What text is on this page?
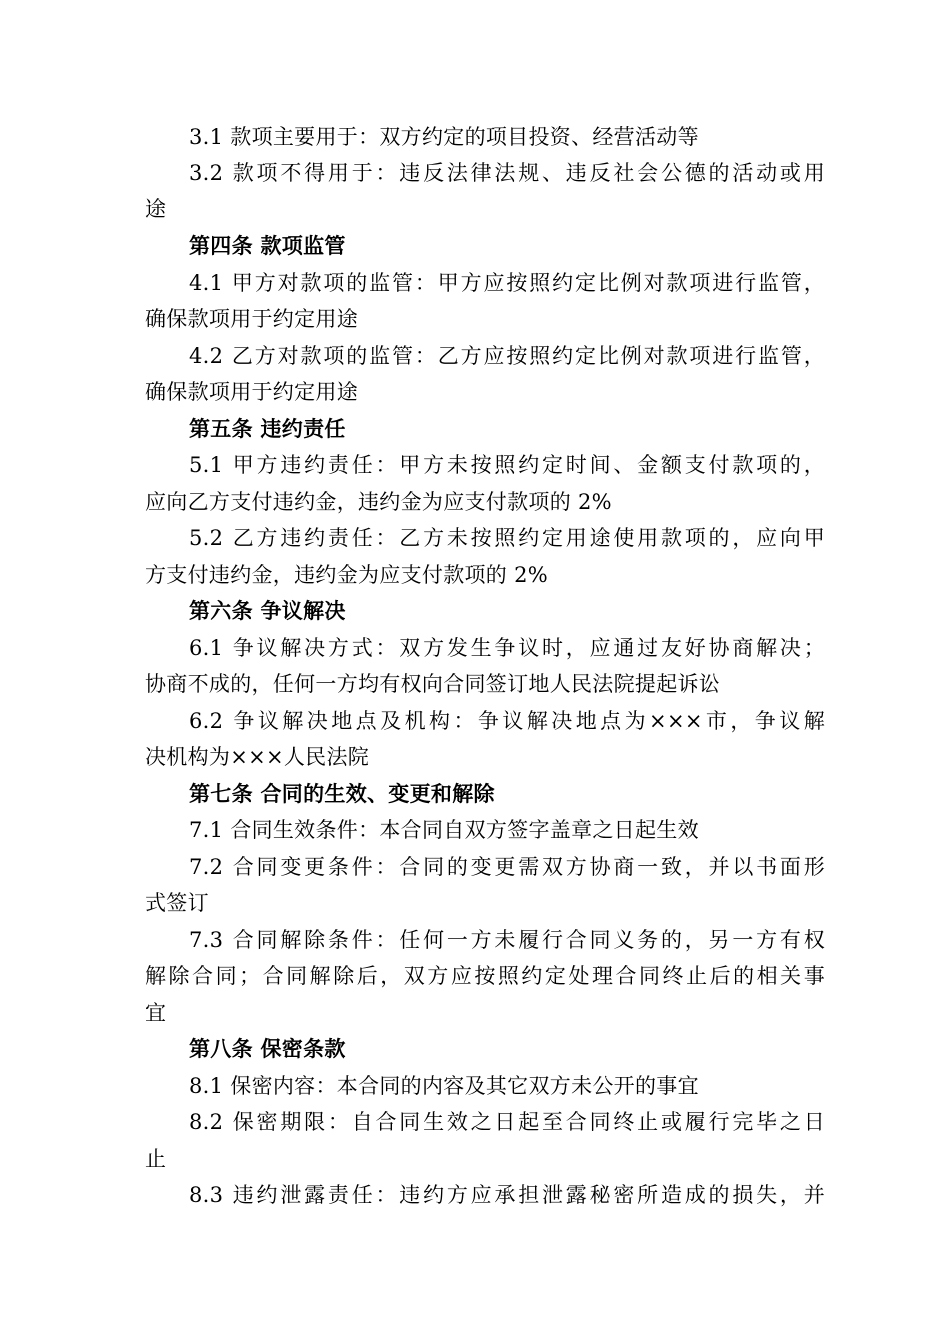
3.1 款项主要用于：双方约定的项目投资、经营活动等
3.2 款项不得用于：违反法律法规、违反社会公德的活动或用
途
第四条 款项监管
4.1 甲方对款项的监管：甲方应按照约定比例对款项进行监管，
确保款项用于约定用途
4.2 乙方对款项的监管：乙方应按照约定比例对款项进行监管，
确保款项用于约定用途
第五条 违约责任
5.1 甲方违约责任：甲方未按照约定时间、金额支付款项的，
应向乙方支付违约金，违约金为应支付款项的 2%
5.2 乙方违约责任：乙方未按照约定用途使用款项的，应向甲
方支付违约金，违约金为应支付款项的 2%
第六条 争议解决
6.1 争议解决方式：双方发生争议时，应通过友好协商解决；
协商不成的，任何一方均有权向合同签订地人民法院提起诉讼
6.2 争议解决地点及机构：争议解决地点为×××市，争议解
决机构为×××人民法院
第七条 合同的生效、变更和解除
7.1 合同生效条件：本合同自双方签字盖章之日起生效
7.2 合同变更条件：合同的变更需双方协商一致，并以书面形
式签订
7.3 合同解除条件：任何一方未履行合同义务的，另一方有权
解除合同；合同解除后，双方应按照约定处理合同终止后的相关事
宜
第八条 保密条款
8.1 保密内容：本合同的内容及其它双方未公开的事宜
8.2 保密期限：自合同生效之日起至合同终止或履行完毕之日
止
8.3 违约泄露责任：违约方应承担泄露秘密所造成的损失，并
